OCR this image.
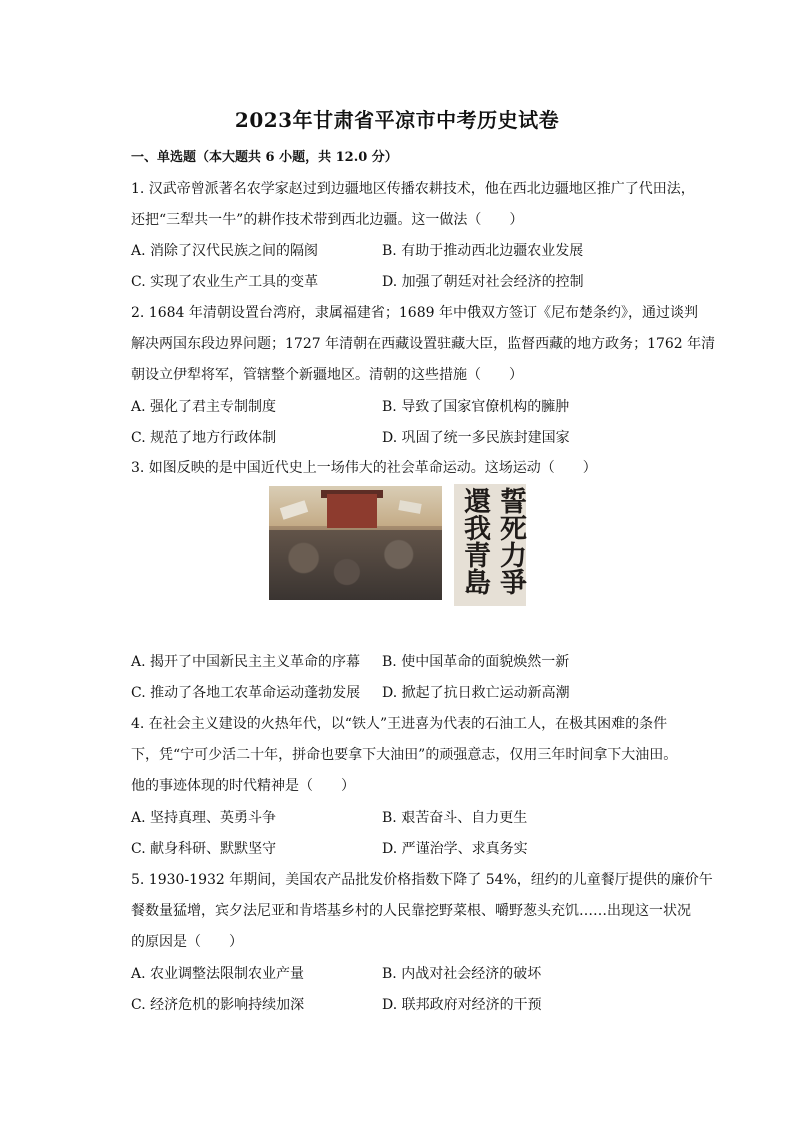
2023年甘肃省平凉市中考历史试卷
一、单选题（本大题共 6 小题，共 12.0 分）
1. 汉武帝曾派著名农学家赵过到边疆地区传播农耕技术，他在西北边疆地区推广了代田法，
还把“三犁共一牛”的耕作技术带到西北边疆。这一做法（　　）
A. 消除了汉代民族之间的隔阂	B. 有助于推动西北边疆农业发展
C. 实现了农业生产工具的变革	D. 加强了朝廷对社会经济的控制
2. 1684 年清朝设置台湾府，隶属福建省；1689 年中俄双方签订《尼布楚条约》，通过谈判
解决两国东段边界问题；1727 年清朝在西藏设置驻藏大臣，监督西藏的地方政务；1762 年清
朝设立伊犁将军，管辖整个新疆地区。清朝的这些措施（　　）
A. 强化了君主专制制度	B. 导致了国家官僚机构的臃肿
C. 规范了地方行政体制	D. 巩固了统一多民族封建国家
3. 如图反映的是中国近代史上一场伟大的社会革命运动。这场运动（　　）
誓死力爭
還我青島
A. 揭开了中国新民主主义革命的序幕 B. 使中国革命的面貌焕然一新
C. 推动了各地工农革命运动蓬勃发展 D. 掀起了抗日救亡运动新高潮
4. 在社会主义建设的火热年代，以“铁人”王进喜为代表的石油工人，在极其困难的条件
下，凭“宁可少活二十年，拼命也要拿下大油田”的顽强意志，仅用三年时间拿下大油田。
他的事迹体现的时代精神是（　　）
A. 坚持真理、英勇斗争	B. 艰苦奋斗、自力更生
C. 献身科研、默默坚守	D. 严谨治学、求真务实
5. 1930-1932 年期间，美国农产品批发价格指数下降了 54%，纽约的儿童餐厅提供的廉价午
餐数量猛增，宾夕法尼亚和肯塔基乡村的人民靠挖野菜根、嚼野葱头充饥……出现这一状况
的原因是（　　）
A. 农业调整法限制农业产量	B. 内战对社会经济的破坏
C. 经济危机的影响持续加深	D. 联邦政府对经济的干预
